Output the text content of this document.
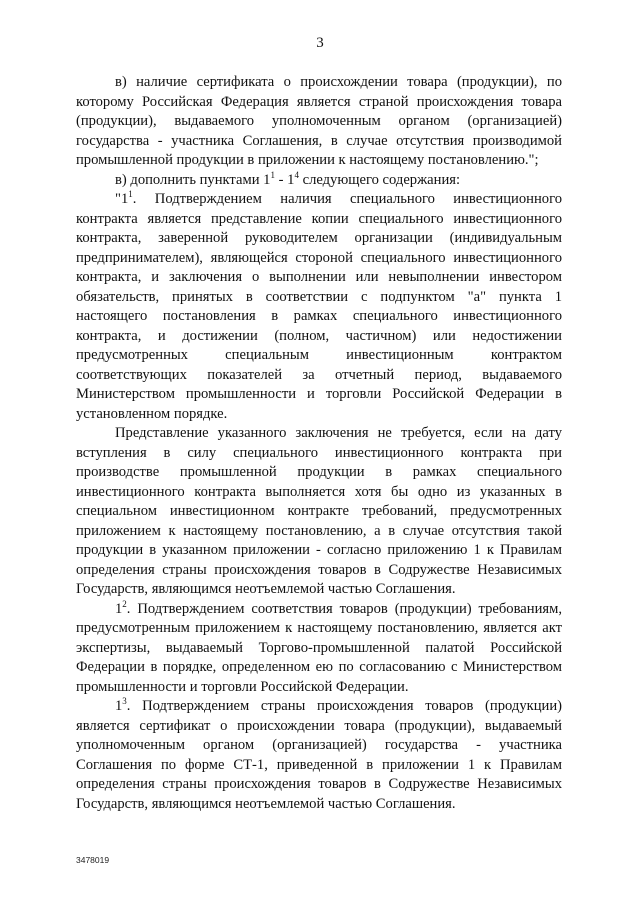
3

в) наличие сертификата о происхождении товара (продукции), по которому Российская Федерация является страной происхождения товара (продукции), выдаваемого уполномоченным органом (организацией) государства - участника Соглашения, в случае отсутствия производимой промышленной продукции в приложении к настоящему постановлению.";

в) дополнить пунктами $1^1 - 1^4$ следующего содержания:

"$1^1$. Подтверждением наличия специального инвестиционного контракта является представление копии специального инвестиционного контракта, заверенной руководителем организации (индивидуальным предпринимателем), являющейся стороной специального инвестиционного контракта, и заключения о выполнении или невыполнении инвестором обязательств, принятых в соответствии с подпунктом "а" пункта 1 настоящего постановления в рамках специального инвестиционного контракта, и достижении (полном, частичном) или недостижении предусмотренных специальным инвестиционным контрактом соответствующих показателей за отчетный период, выдаваемого Министерством промышленности и торговли Российской Федерации в установленном порядке.

Представление указанного заключения не требуется, если на дату вступления в силу специального инвестиционного контракта при производстве промышленной продукции в рамках специального инвестиционного контракта выполняется хотя бы одно из указанных в специальном инвестиционном контракте требований, предусмотренных приложением к настоящему постановлению, а в случае отсутствия такой продукции в указанном приложении - согласно приложению 1 к Правилам определения страны происхождения товаров в Содружестве Независимых Государств, являющимся неотъемлемой частью Соглашения.

$1^2$. Подтверждением соответствия товаров (продукции) требованиям, предусмотренным приложением к настоящему постановлению, является акт экспертизы, выдаваемый Торгово-промышленной палатой Российской Федерации в порядке, определенном ею по согласованию с Министерством промышленности и торговли Российской Федерации.

$1^3$. Подтверждением страны происхождения товаров (продукции) является сертификат о происхождении товара (продукции), выдаваемый уполномоченным органом (организацией) государства - участника Соглашения по форме СТ-1, приведенной в приложении 1 к Правилам определения страны происхождения товаров в Содружестве Независимых Государств, являющимся неотъемлемой частью Соглашения.

3478019
